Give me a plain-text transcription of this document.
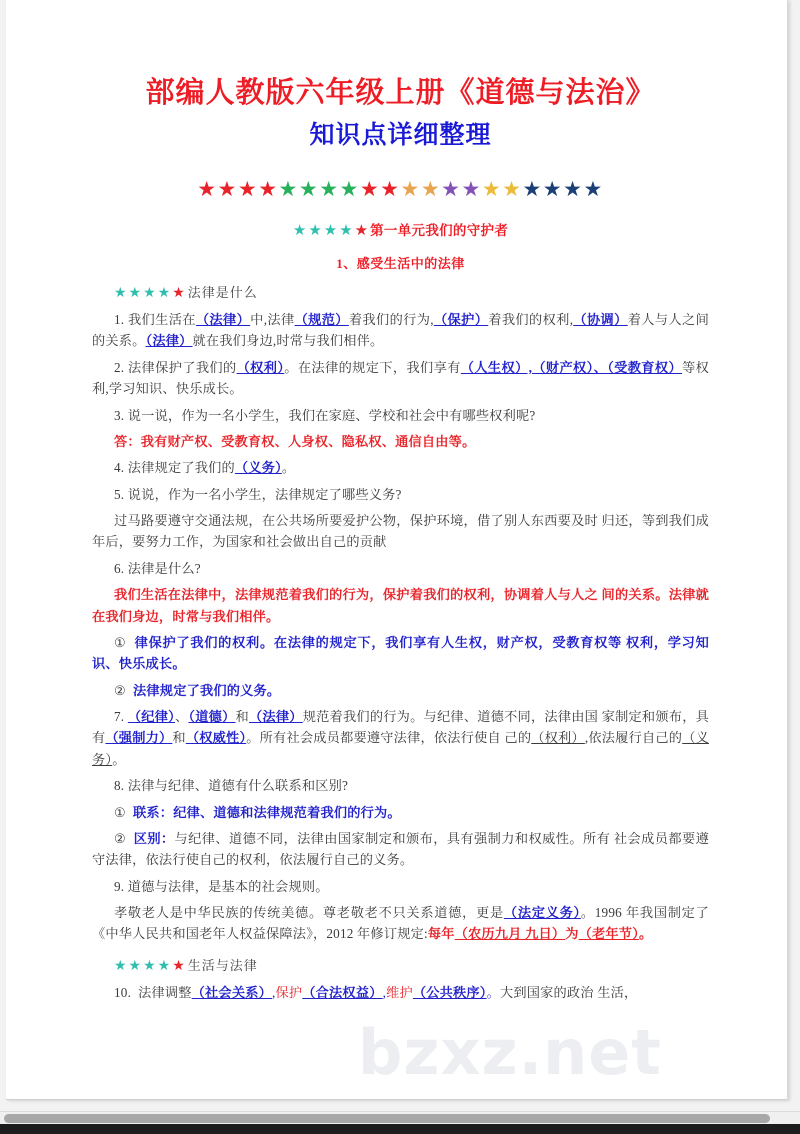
bzxz.net
部编人教版六年级上册《道德与法治》
知识点详细整理
★★★★★★★★★★★★★★★★★★★★
★★★★★第一单元我们的守护者
1、感受生活中的法律
★★★★★法律是什么

1. 我们生活在（法律）中,法律（规范）着我们的行为,（保护）着我们的权利,（协调）着人与人之间的关系。（法律）就在我们身边,时常与我们相伴。

2. 法律保护了我们的（权利）。在法律的规定下，我们享有（人生权）,（财产权）、（受教育权）等权利,学习知识、快乐成长。

3. 说一说，作为一名小学生，我们在家庭、学校和社会中有哪些权利呢?

答：我有财产权、受教育权、人身权、隐私权、通信自由等。

4. 法律规定了我们的（义务）。

5. 说说，作为一名小学生，法律规定了哪些义务?

过马路要遵守交通法规，在公共场所要爱护公物，保护环境，借了别人东西要及时 归还，等到我们成年后，要努力工作，为国家和社会做出自己的贡献

6. 法律是什么?

我们生活在法律中，法律规范着我们的行为，保护着我们的权利，协调着人与人之 间的关系。法律就在我们身边，时常与我们相伴。

① 律保护了我们的权利。在法律的规定下，我们享有人生权，财产权，受教育权等 权利，学习知识、快乐成长。

② 法律规定了我们的义务。

7. （纪律）、（道德）和（法律）规范着我们的行为。与纪律、道德不同，法律由国 家制定和颁布，具有（强制力）和（权威性）。所有社会成员都要遵守法律，依法行使自 己的（权利）,依法履行自己的（义务）。

8. 法律与纪律、道德有什么联系和区别?

① 联系：纪律、道德和法律规范着我们的行为。

② 区别：与纪律、道德不同，法律由国家制定和颁布，具有强制力和权威性。所有 社会成员都要遵守法律，依法行使自己的权利，依法履行自己的义务。

9. 道德与法律，是基本的社会规则。

孝敬老人是中华民族的传统美德。尊老敬老不只关系道德，更是（法定义务）。1996 年我国制定了《中华人民共和国老年人权益保障法》，2012 年修订规定:每年（农历九月 九日）为（老年节）。

★★★★★生活与法律

10. 法律调整（社会关系）,保护（合法权益）,维护（公共秩序）。大到国家的政治 生活，
